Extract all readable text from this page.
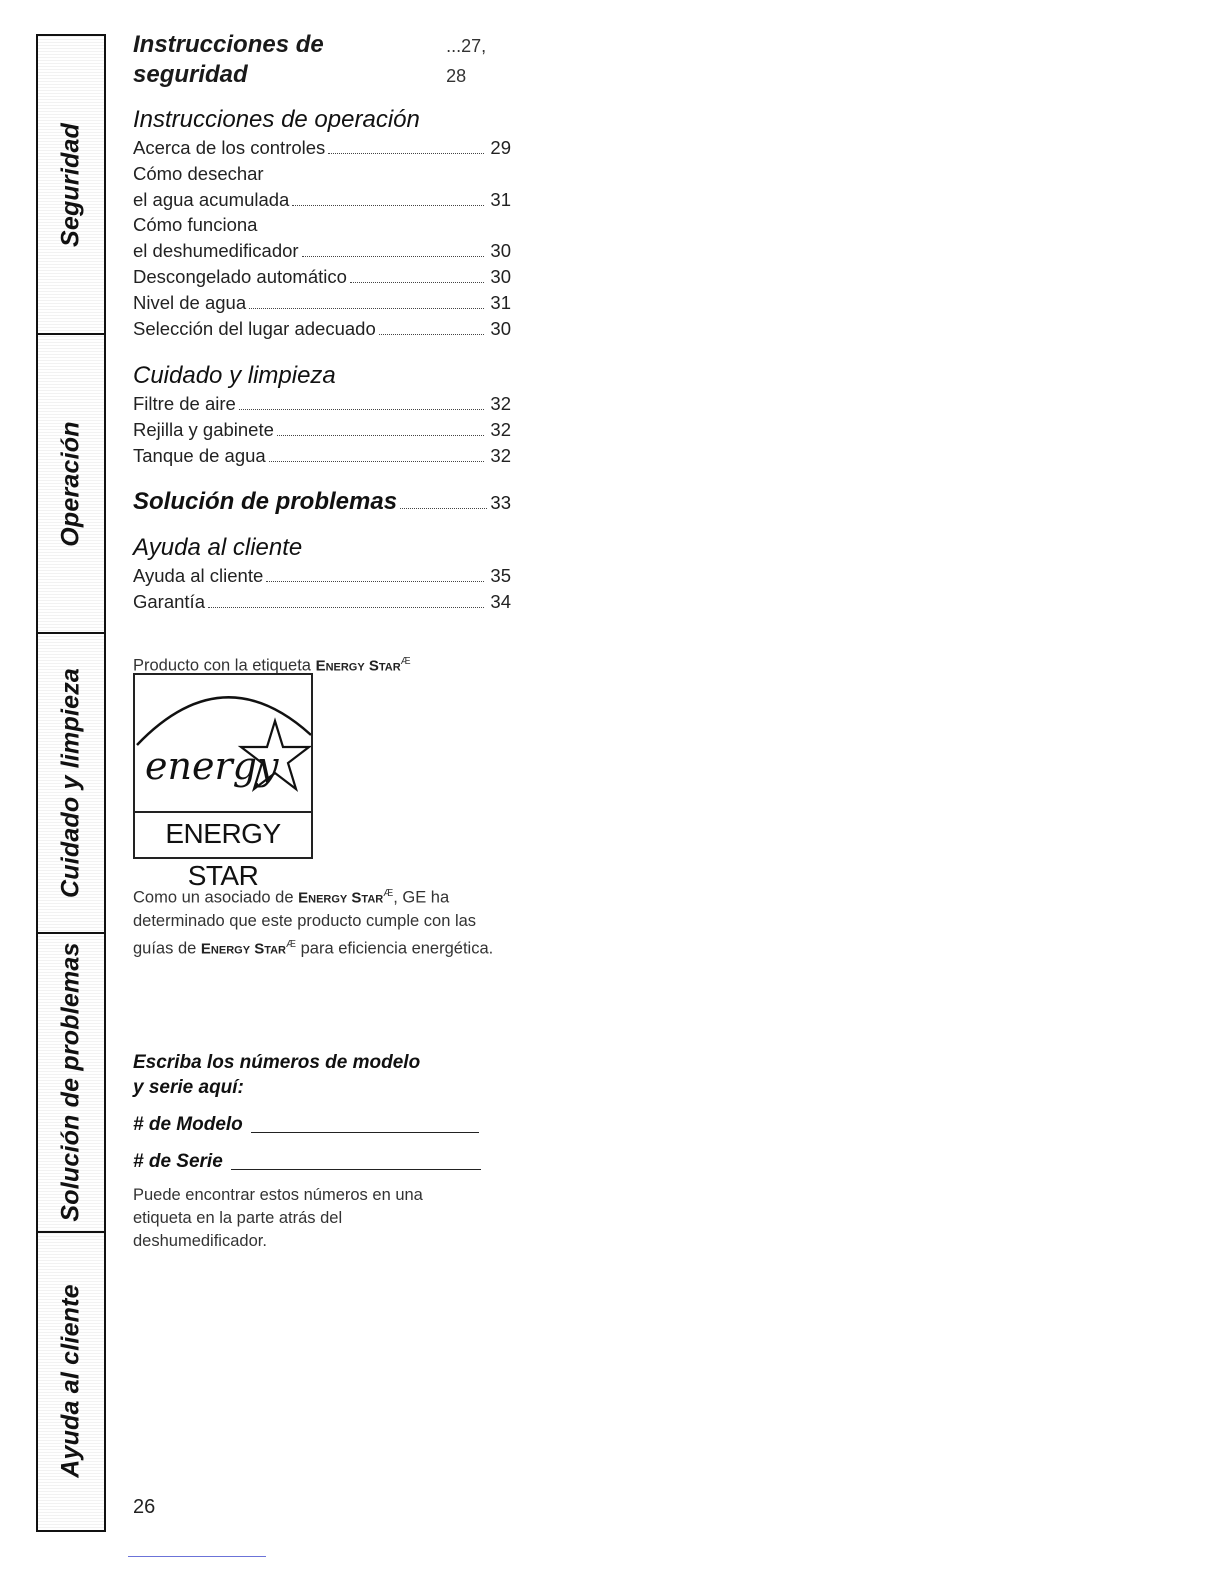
Seguridad
Operación
Cuidado y limpieza
Solución de problemas
Ayuda al cliente
Instrucciones de seguridad
...27, 28

Instrucciones de operación

Acerca de los controles	29
Cómo desechar
el agua acumulada	31
Cómo funciona
el deshumedificador	30
Descongelado automático	30
Nivel de agua	31
Selección del lugar adecuado	30

Cuidado y limpieza

Filtre de aire	32
Rejilla y gabinete	32
Tanque de agua	32
Solución de problemas	33

Ayuda al cliente

Ayuda al cliente	35
Garantía	34

Producto con la etiqueta Energy Star$^Æ$

energy
ENERGY STAR

Como un asociado de Energy Star$^Æ$, GE ha determinado que este producto cumple con las guías de Energy Star$^Æ$ para eficiencia energética.

Escriba los números de modelo

y serie aquí:

# de Modelo
# de Serie

Puede encontrar estos números en una etiqueta en la parte atrás del deshumedificador.

26
